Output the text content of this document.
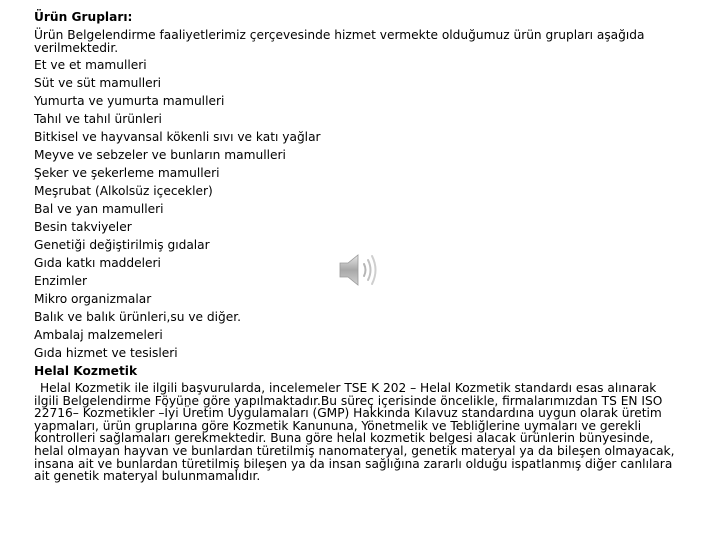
Ürün Grupları:
Ürün Belgelendirme faaliyetlerimiz çerçevesinde hizmet vermekte olduğumuz ürün grupları aşağıda verilmektedir.
Et ve et mamulleri
Süt ve süt mamulleri
Yumurta ve yumurta mamulleri
Tahıl ve tahıl ürünleri
Bitkisel ve hayvansal kökenli sıvı ve katı yağlar
Meyve ve sebzeler ve bunların mamulleri
Şeker ve şekerleme mamulleri
Meşrubat (Alkolsüz içecekler)
Bal ve yan mamulleri
Besin takviyeler
Genetiği değiştirilmiş gıdalar
Gıda katkı maddeleri
Enzimler
Mikro organizmalar
Balık ve balık ürünleri,su ve diğer.
Ambalaj malzemeleri
Gıda hizmet ve tesisleri
Helal Kozmetik
Helal Kozmetik ile ilgili başvurularda, incelemeler TSE K 202 – Helal Kozmetik standardı esas alınarak ilgili Belgelendirme Föyüne göre yapılmaktadır.Bu süreç içerisinde öncelikle, firmalarımızdan TS EN ISO 22716– Kozmetikler –İyi Üretim Uygulamaları (GMP) Hakkında Kılavuz standardına uygun olarak üretim yapmaları, ürün gruplarına göre Kozmetik Kanununa, Yönetmelik ve Tebliğlerine uymaları ve gerekli kontrolleri sağlamaları gerekmektedir. Buna göre helal kozmetik belgesi alacak ürünlerin bünyesinde, helal olmayan hayvan ve bunlardan türetilmiş nanomateryal, genetik materyal ya da bileşen olmayacak, insana ait ve bunlardan türetilmiş bileşen ya da insan sağlığına zararlı olduğu ispatlanmış diğer canlılara ait genetik materyal bulunmamalıdır.
